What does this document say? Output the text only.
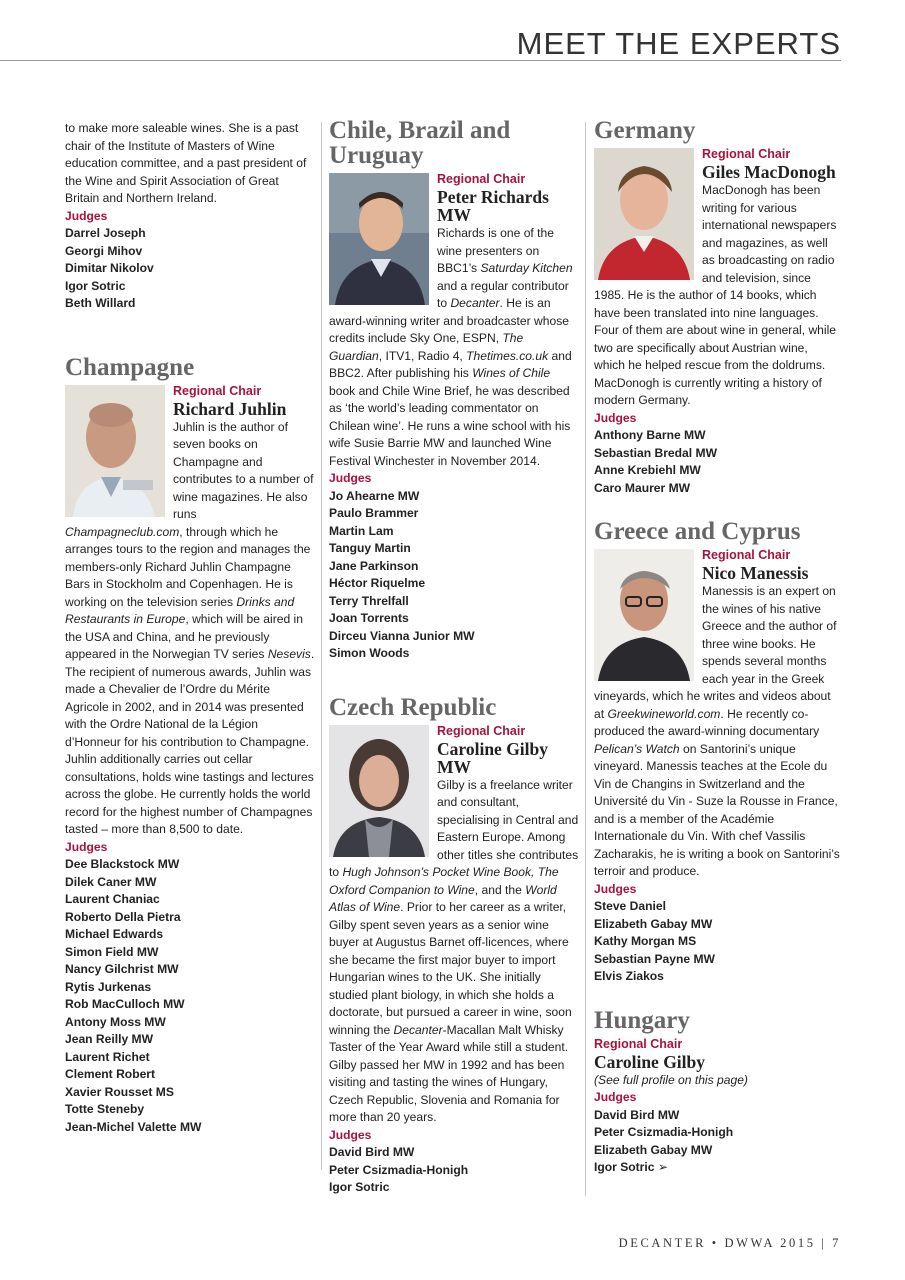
MEET THE EXPERTS

to make more saleable wines. She is a past chair of the Institute of Masters of Wine education committee, and a past president of the Wine and Spirit Association of Great Britain and Northern Ireland.

Judges
Darrel Joseph
Georgi Mihov
Dimitar Nikolov
Igor Sotric
Beth Willard
Champagne
Regional Chair
Richard Juhlin

Juhlin is the author of seven books on Champagne and contributes to a number of wine magazines. He also runs Champagneclub.com, through which he arranges tours to the region and manages the members-only Richard Juhlin Champagne Bars in Stockholm and Copenhagen. He is working on the television series Drinks and Restaurants in Europe, which will be aired in the USA and China, and he previously appeared in the Norwegian TV series Nesevis. The recipient of numerous awards, Juhlin was made a Chevalier de l’Ordre du Mérite Agricole in 2002, and in 2014 was presented with the Ordre National de la Légion d’Honneur for his contribution to Champagne. Juhlin additionally carries out cellar consultations, holds wine tastings and lectures across the globe. He currently holds the world record for the highest number of Champagnes tasted – more than 8,500 to date.

Judges
Dee Blackstock MW
Dilek Caner MW
Laurent Chaniac
Roberto Della Pietra
Michael Edwards
Simon Field MW
Nancy Gilchrist MW
Rytis Jurkenas
Rob MacCulloch MW
Antony Moss MW
Jean Reilly MW
Laurent Richet
Clement Robert
Xavier Rousset MS
Totte Steneby
Jean-Michel Valette MW
Chile, Brazil and Uruguay
Regional Chair
Peter Richards MW

Richards is one of the wine presenters on BBC1’s Saturday Kitchen and a regular contributor to Decanter. He is an award-winning writer and broadcaster whose credits include Sky One, ESPN, The Guardian, ITV1, Radio 4, Thetimes.co.uk and BBC2. After publishing his Wines of Chile book and Chile Wine Brief, he was described as ‘the world’s leading commentator on Chilean wine’. He runs a wine school with his wife Susie Barrie MW and launched Wine Festival Winchester in November 2014.

Judges
Jo Ahearne MW
Paulo Brammer
Martin Lam
Tanguy Martin
Jane Parkinson
Héctor Riquelme
Terry Threlfall
Joan Torrents
Dirceu Vianna Junior MW
Simon Woods
Czech Republic
Regional Chair
Caroline Gilby MW

Gilby is a freelance writer and consultant, specialising in Central and Eastern Europe. Among other titles she contributes to Hugh Johnson’s Pocket Wine Book, The Oxford Companion to Wine, and the World Atlas of Wine. Prior to her career as a writer, Gilby spent seven years as a senior wine buyer at Augustus Barnet off-licences, where she became the first major buyer to import Hungarian wines to the UK. She initially studied plant biology, in which she holds a doctorate, but pursued a career in wine, soon winning the Decanter-Macallan Malt Whisky Taster of the Year Award while still a student. Gilby passed her MW in 1992 and has been visiting and tasting the wines of Hungary, Czech Republic, Slovenia and Romania for more than 20 years.

Judges
David Bird MW
Peter Csizmadia-Honigh
Igor Sotric
Germany
Regional Chair
Giles MacDonogh

MacDonogh has been writing for various international newspapers and magazines, as well as broadcasting on radio and television, since 1985. He is the author of 14 books, which have been translated into nine languages. Four of them are about wine in general, while two are specifically about Austrian wine, which he helped rescue from the doldrums. MacDonogh is currently writing a history of modern Germany.

Judges
Anthony Barne MW
Sebastian Bredal MW
Anne Krebiehl MW
Caro Maurer MW
Greece and Cyprus
Regional Chair
Nico Manessis

Manessis is an expert on the wines of his native Greece and the author of three wine books. He spends several months each year in the Greek vineyards, which he writes and videos about at Greekwineworld.com. He recently co-produced the award-winning documentary Pelican’s Watch on Santorini’s unique vineyard. Manessis teaches at the Ecole du Vin de Changins in Switzerland and the Université du Vin - Suze la Rousse in France, and is a member of the Académie Internationale du Vin. With chef Vassilis Zacharakis, he is writing a book on Santorini’s terroir and produce.

Judges
Steve Daniel
Elizabeth Gabay MW
Kathy Morgan MS
Sebastian Payne MW
Elvis Ziakos
Hungary
Regional Chair
Caroline Gilby
(See full profile on this page)
Judges
David Bird MW
Peter Csizmadia-Honigh
Elizabeth Gabay MW
Igor Sotric ➢
DECANTER • DWWA 2015 | 7
